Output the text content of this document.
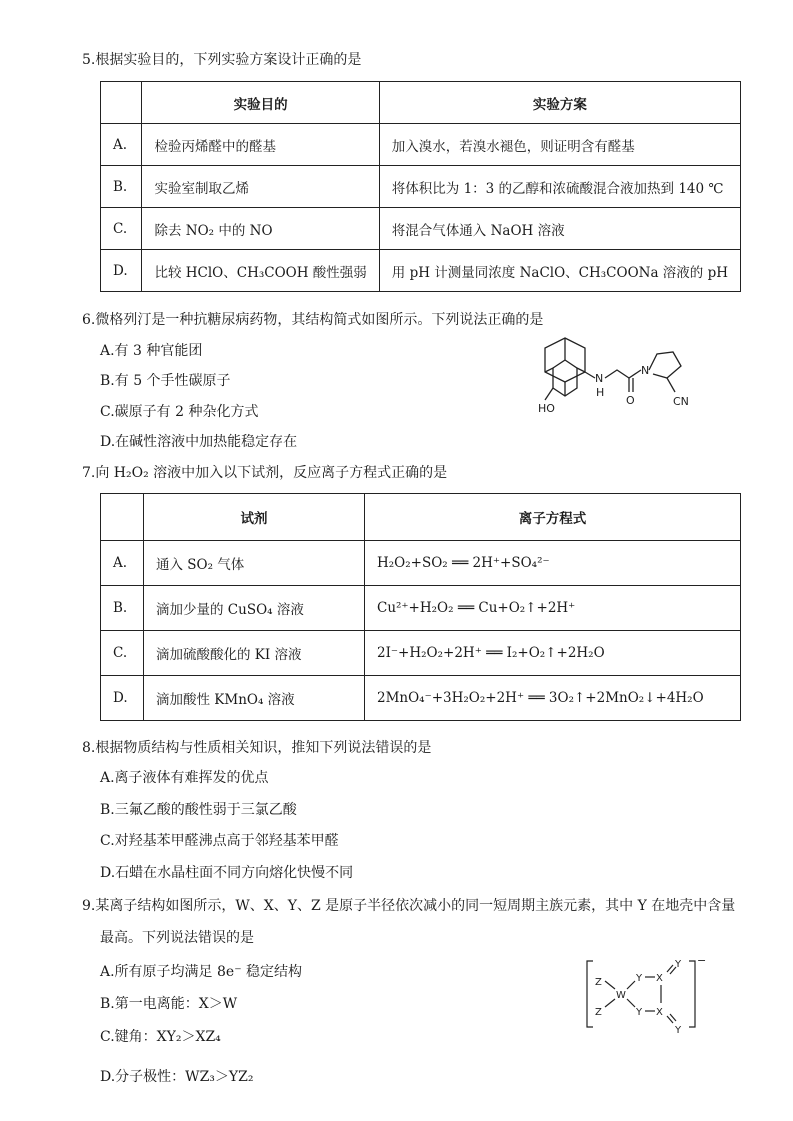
5.根据实验目的，下列实验方案设计正确的是
	实验目的	实验方案
A.	检验丙烯醛中的醛基	加入溴水，若溴水褪色，则证明含有醛基
B.	实验室制取乙烯	将体积比为 1：3 的乙醇和浓硫酸混合液加热到 140 ℃
C.	除去 NO₂ 中的 NO	将混合气体通入 NaOH 溶液
D.	比较 HClO、CH₃COOH 酸性强弱	用 pH 计测量同浓度 NaClO、CH₃COONa 溶液的 pH
6.微格列汀是一种抗糖尿病药物，其结构简式如图所示。下列说法正确的是
A.有 3 种官能团
B.有 5 个手性碳原子
C.碳原子有 2 种杂化方式
D.在碱性溶液中加热能稳定存在
HO
N
H
N
O	CN
7.向 H₂O₂ 溶液中加入以下试剂，反应离子方程式正确的是
	试剂	离子方程式
A.	通入 SO₂ 气体	H₂O₂+SO₂ ══ 2H⁺+SO₄²⁻
B.	滴加少量的 CuSO₄ 溶液	Cu²⁺+H₂O₂ ══ Cu+O₂↑+2H⁺
C.	滴加硫酸酸化的 KI 溶液	2I⁻+H₂O₂+2H⁺ ══ I₂+O₂↑+2H₂O
D.	滴加酸性 KMnO₄ 溶液	2MnO₄⁻+3H₂O₂+2H⁺ ══ 3O₂↑+2MnO₂↓+4H₂O
8.根据物质结构与性质相关知识，推知下列说法错误的是
A.离子液体有难挥发的优点
B.三氟乙酸的酸性弱于三氯乙酸
C.对羟基苯甲醛沸点高于邻羟基苯甲醛
D.石蜡在水晶柱面不同方向熔化快慢不同
9.某离子结构如图所示，W、X、Y、Z 是原子半径依次减小的同一短周期主族元素，其中 Y 在地壳中含量
最高。下列说法错误的是
A.所有原子均满足 8e⁻ 稳定结构
B.第一电离能：X＞W
C.键角：XY₂＞XZ₄
D.分子极性：WZ₃＞YZ₂
Z
Z
W
Y
Y
X
X
Y
Y
−
